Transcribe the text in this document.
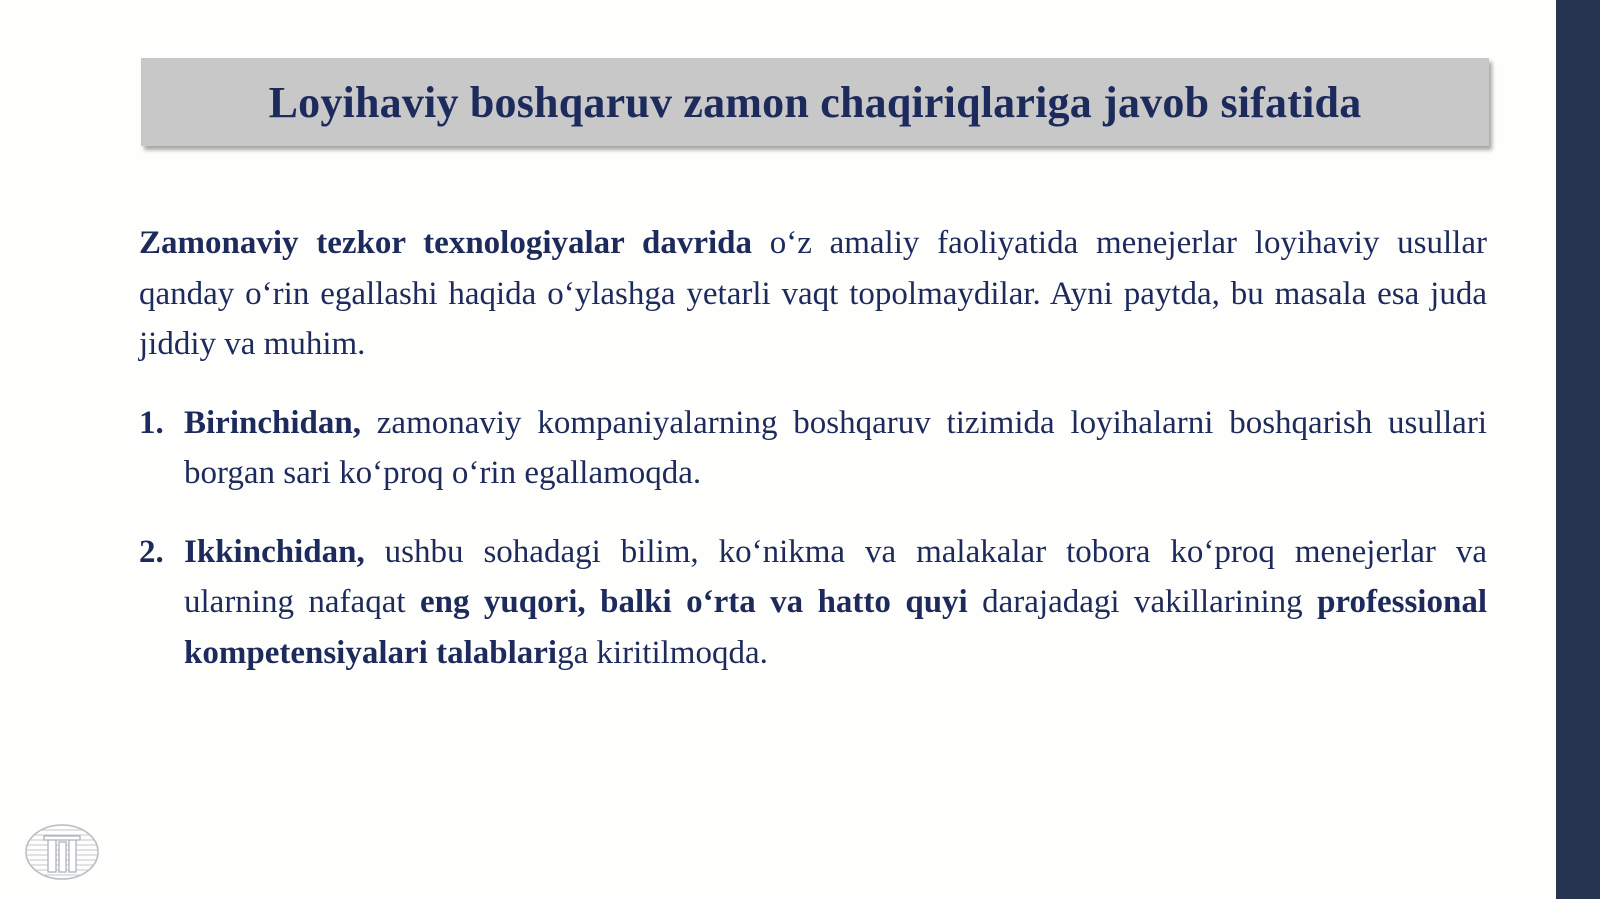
Loyihaviy boshqaruv zamon chaqiriqlariga javob sifatida

Zamonaviy tezkor texnologiyalar davrida o‘z amaliy faoliyatida menejerlar loyihaviy usullar qanday o‘rin egallashi haqida o‘ylashga yetarli vaqt topolmaydilar. Ayni paytda, bu masala esa juda jiddiy va muhim.

1. Birinchidan, zamonaviy kompaniyalarning boshqaruv tizimida loyihalarni boshqarish usullari borgan sari ko‘proq o‘rin egallamoqda.
2. Ikkinchidan, ushbu sohadagi bilim, ko‘nikma va malakalar tobora ko‘proq menejerlar va ularning nafaqat eng yuqori, balki o‘rta va hatto quyi darajadagi vakillarining professional kompetensiyalari talablariga kiritilmoqda.
